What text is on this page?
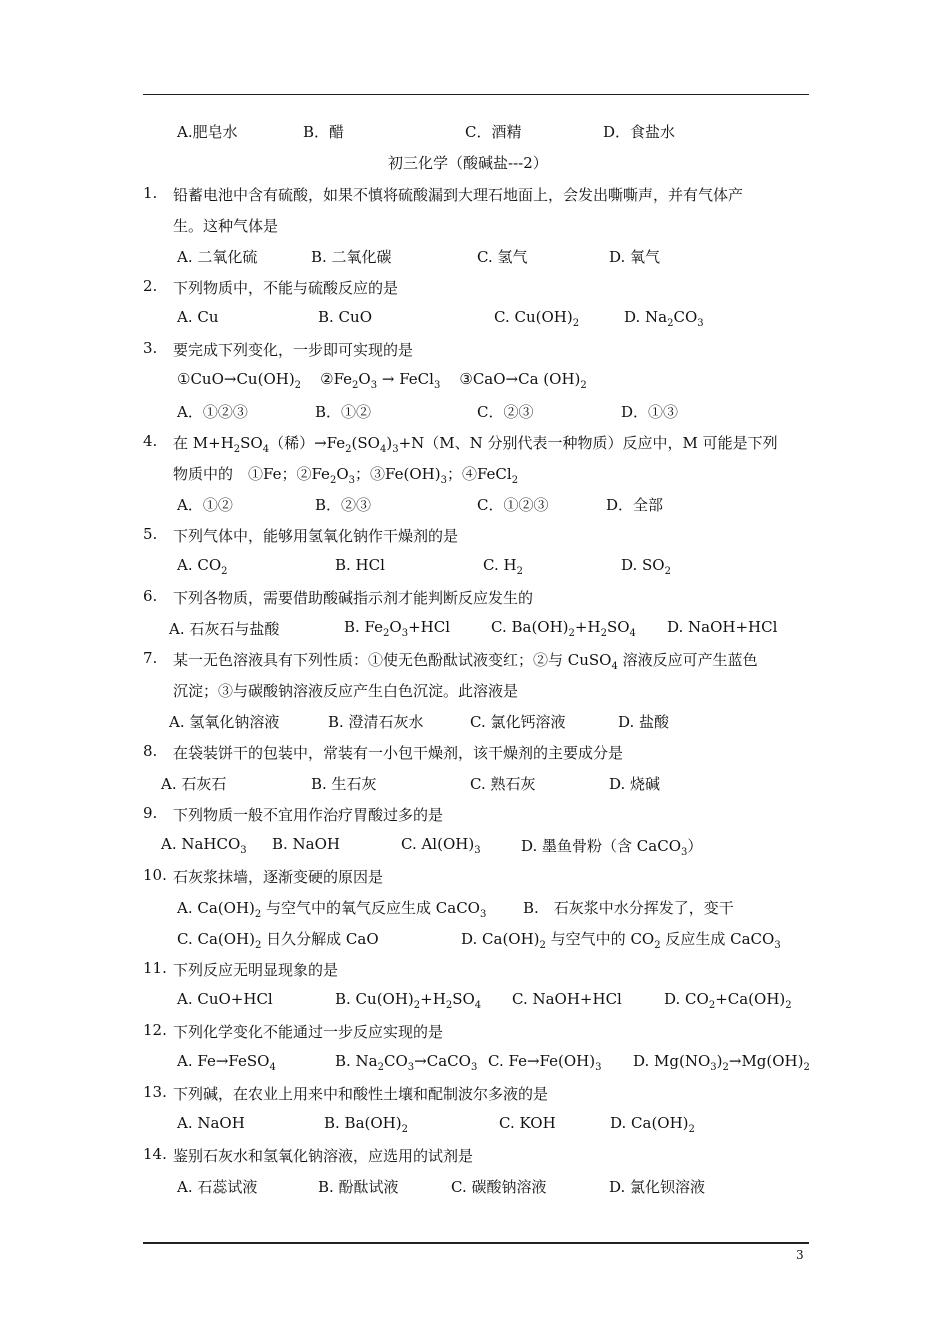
A.肥皂水	B．醋	C．酒精	D．食盐水
初三化学（酸碱盐---2）
1. 铅蓄电池中含有硫酸，如果不慎将硫酸漏到大理石地面上，会发出嘶嘶声，并有气体产
生。这种气体是
A. 二氧化硫	B. 二氧化碳	C. 氢气	D. 氧气
2. 下列物质中，不能与硫酸反应的是
A. Cu	B. CuO	C. $Cu(OH)_2$	D. $Na_2CO_3$
3. 要完成下列变化，一步即可实现的是
$①CuO\to Cu(OH)_2$    $②Fe_2O_3$ → FeCl$_3$    ③CaO→Ca $(OH)_2$
A．①②③	B．①②	C．②③	D．①③
4. 在 $M+H_2SO_4$（稀）$\to Fe_2(SO_4)_3+N(M$、N 分别代表一种物质）反应中，M 可能是下列
物质中的　①Fe；$②Fe_2O_3$；$③Fe(OH)_3$；④FeCl$_2$
A．①②	B．②③	C．①②③	D．全部
5. 下列气体中，能够用氢氧化钠作干燥剂的是
A. $CO_2$	B. HCl	C. $H_2$	D. $SO_2$
6. 下列各物质，需要借助酸碱指示剂才能判断反应发生的
A. 石灰石与盐酸	B. $Fe_2O_3+HCl$	C. $Ba(OH)_2+H_2SO_4$ D. NaOH+HCl
7. 某一无色溶液具有下列性质：①使无色酚酞试液变红；②与 CuSO$_4$ 溶液反应可产生蓝色
沉淀；③与碳酸钠溶液反应产生白色沉淀。此溶液是
A. 氢氧化钠溶液	B. 澄清石灰水	C. 氯化钙溶液	D. 盐酸
8. 在袋装饼干的包装中，常装有一小包干燥剂，该干燥剂的主要成分是
A. 石灰石	B. 生石灰	C. 熟石灰	D. 烧碱
9. 下列物质一般不宜用作治疗胃酸过多的是
A. NaHCO$_3$ B. NaOH	C. $Al(OH)_3$	D. 墨鱼骨粉（含 CaCO$_3$）
10. 石灰浆抹墙，逐渐变硬的原因是
A. $Ca(OH)_2$ 与空气中的氧气反应生成 CaCO$_3$ B.　石灰浆中水分挥发了，变干
C. $Ca(OH)_2$ 日久分解成 CaO	D. $Ca(OH)_2$ 与空气中的 $CO_2$ 反应生成 CaCO$_3$
11. 下列反应无明显现象的是
A. CuO+HCl	B. $Cu(OH)_2+H_2SO_4$ C. NaOH+HCl	D. $CO_2+Ca(OH)_2$
12. 下列化学变化不能通过一步反应实现的是
A. Fe→FeSO$_4$	B. $Na_2CO_3\to CaCO_3$ C. $Fe\to Fe(OH)_3$ D. $Mg(NO_3)_2\to Mg(OH)_2$
13. 下列碱，在农业上用来中和酸性土壤和配制波尔多液的是
A. NaOH	B. $Ba(OH)_2$	C. KOH	D. $Ca(OH)_2$
14. 鉴别石灰水和氢氧化钠溶液，应选用的试剂是
A. 石蕊试液	B. 酚酞试液	C. 碳酸钠溶液	D. 氯化钡溶液
3
